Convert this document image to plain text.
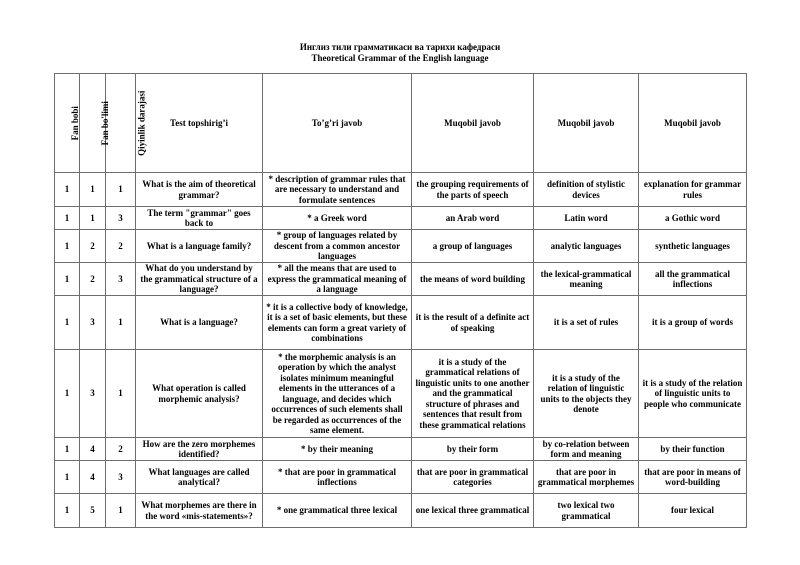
Инглиз тили грамматикаси ва тарихи кафедраси
Theoretical Grammar of the English language
Fan bobi	Fan bo'limi	Qiyinlik darajasi	Test topshirig’i	To’g’ri javob	Muqobil javob	Muqobil javob	Muqobil javob
1	1	1	What is the aim of theoretical grammar?	* description of grammar rules that are necessary to understand and formulate sentences	the grouping requirements of the parts of speech	definition of stylistic devices	explanation for grammar rules
1	1	3	The term "grammar" goes back to	* a Greek word	an Arab word	Latin word	a Gothic word
1	2	2	What is a language family?	* group of languages related by descent from a common ancestor languages	a group of languages	analytic languages	synthetic languages
1	2	3	What do you understand by the grammatical structure of a language?	* all the means that are used to express the grammatical meaning of a language	the means of word building	the lexical-grammatical meaning	all the grammatical inflections
1	3	1	What is a language?	* it is a collective body of knowledge, it is a set of basic elements, but these elements can form a great variety of combinations	it is the result of a definite act of speaking	it is a set of rules	it is a group of words
1	3	1	What operation is called morphemic analysis?	* the morphemic analysis is an operation by which the analyst isolates minimum meaningful elements in the utterances of a language, and decides which occurrences of such elements shall be regarded as occurrences of the same element.	it is a study of the grammatical relations of linguistic units to one another and the grammatical structure of phrases and sentences that result from these grammatical relations	it is a study of the relation of linguistic units to the objects they denote	it is a study of the relation of linguistic units to people who communicate
1	4	2	How are the zero morphemes identified?	* by their meaning	by their form	by co-relation between form and meaning	by their function
1	4	3	What languages are called analytical?	* that are poor in grammatical inflections	that are poor in grammatical categories	that are poor in grammatical morphemes	that are poor in means of word-building
1	5	1	What morphemes are there in the word «mis-statements»?	* one grammatical three lexical	one lexical three grammatical	two lexical two grammatical	four lexical
